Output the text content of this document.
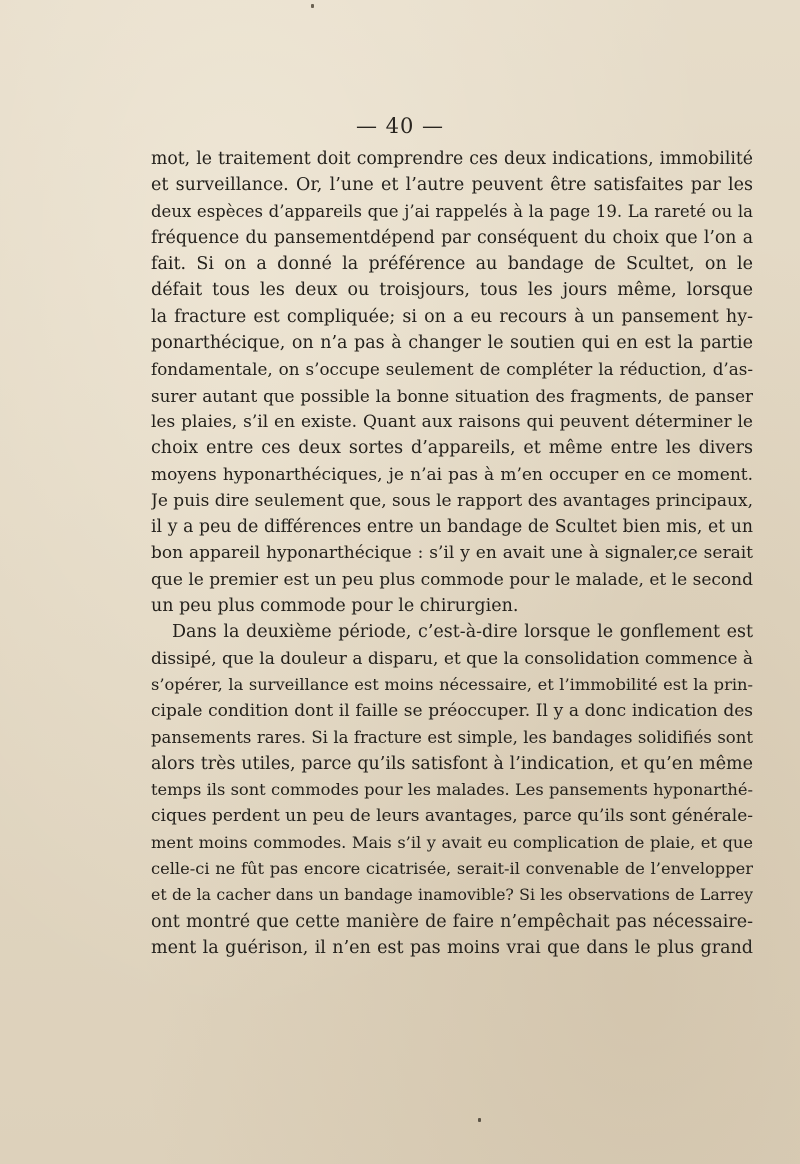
— 40 —
mot, le traitement doit comprendre ces deux indications, immobilité
et surveillance. Or, l’une et l’autre peuvent être satisfaites par les
deux espèces d’appareils que j’ai rappelés à la page 19. La rareté ou la
fréquence du pansementdépend par conséquent du choix que l’on a
fait. Si on a donné la préférence au bandage de Scultet, on le
défait tous les deux ou troisjours, tous les jours même, lorsque
la fracture est compliquée; si on a eu recours à un pansement hy-
ponarthécique, on n’a pas à changer le soutien qui en est la partie
fondamentale, on s’occupe seulement de compléter la réduction, d’as-
surer autant que possible la bonne situation des fragments, de panser
les plaies, s’il en existe. Quant aux raisons qui peuvent déterminer le
choix entre ces deux sortes d’appareils, et même entre les divers
moyens hyponarthéciques, je n’ai pas à m’en occuper en ce moment.
Je puis dire seulement que, sous le rapport des avantages principaux,
il y a peu de différences entre un bandage de Scultet bien mis, et un
bon appareil hyponarthécique : s’il y en avait une à signaler,ce serait
que le premier est un peu plus commode pour le malade, et le second
un peu plus commode pour le chirurgien.
Dans la deuxième période, c’est-à-dire lorsque le gonflement est
dissipé, que la douleur a disparu, et que la consolidation commence à
s’opérer, la surveillance est moins nécessaire, et l’immobilité est la prin-
cipale condition dont il faille se préoccuper. Il y a donc indication des
pansements rares. Si la fracture est simple, les bandages solidifiés sont
alors très utiles, parce qu’ils satisfont à l’indication, et qu’en même
temps ils sont commodes pour les malades. Les pansements hyponarthé-
ciques perdent un peu de leurs avantages, parce qu’ils sont générale-
ment moins commodes. Mais s’il y avait eu complication de plaie, et que
celle-ci ne fût pas encore cicatrisée, serait-il convenable de l’envelopper
et de la cacher dans un bandage inamovible? Si les observations de Larrey
ont montré que cette manière de faire n’empêchait pas nécessaire-
ment la guérison, il n’en est pas moins vrai que dans le plus grand
